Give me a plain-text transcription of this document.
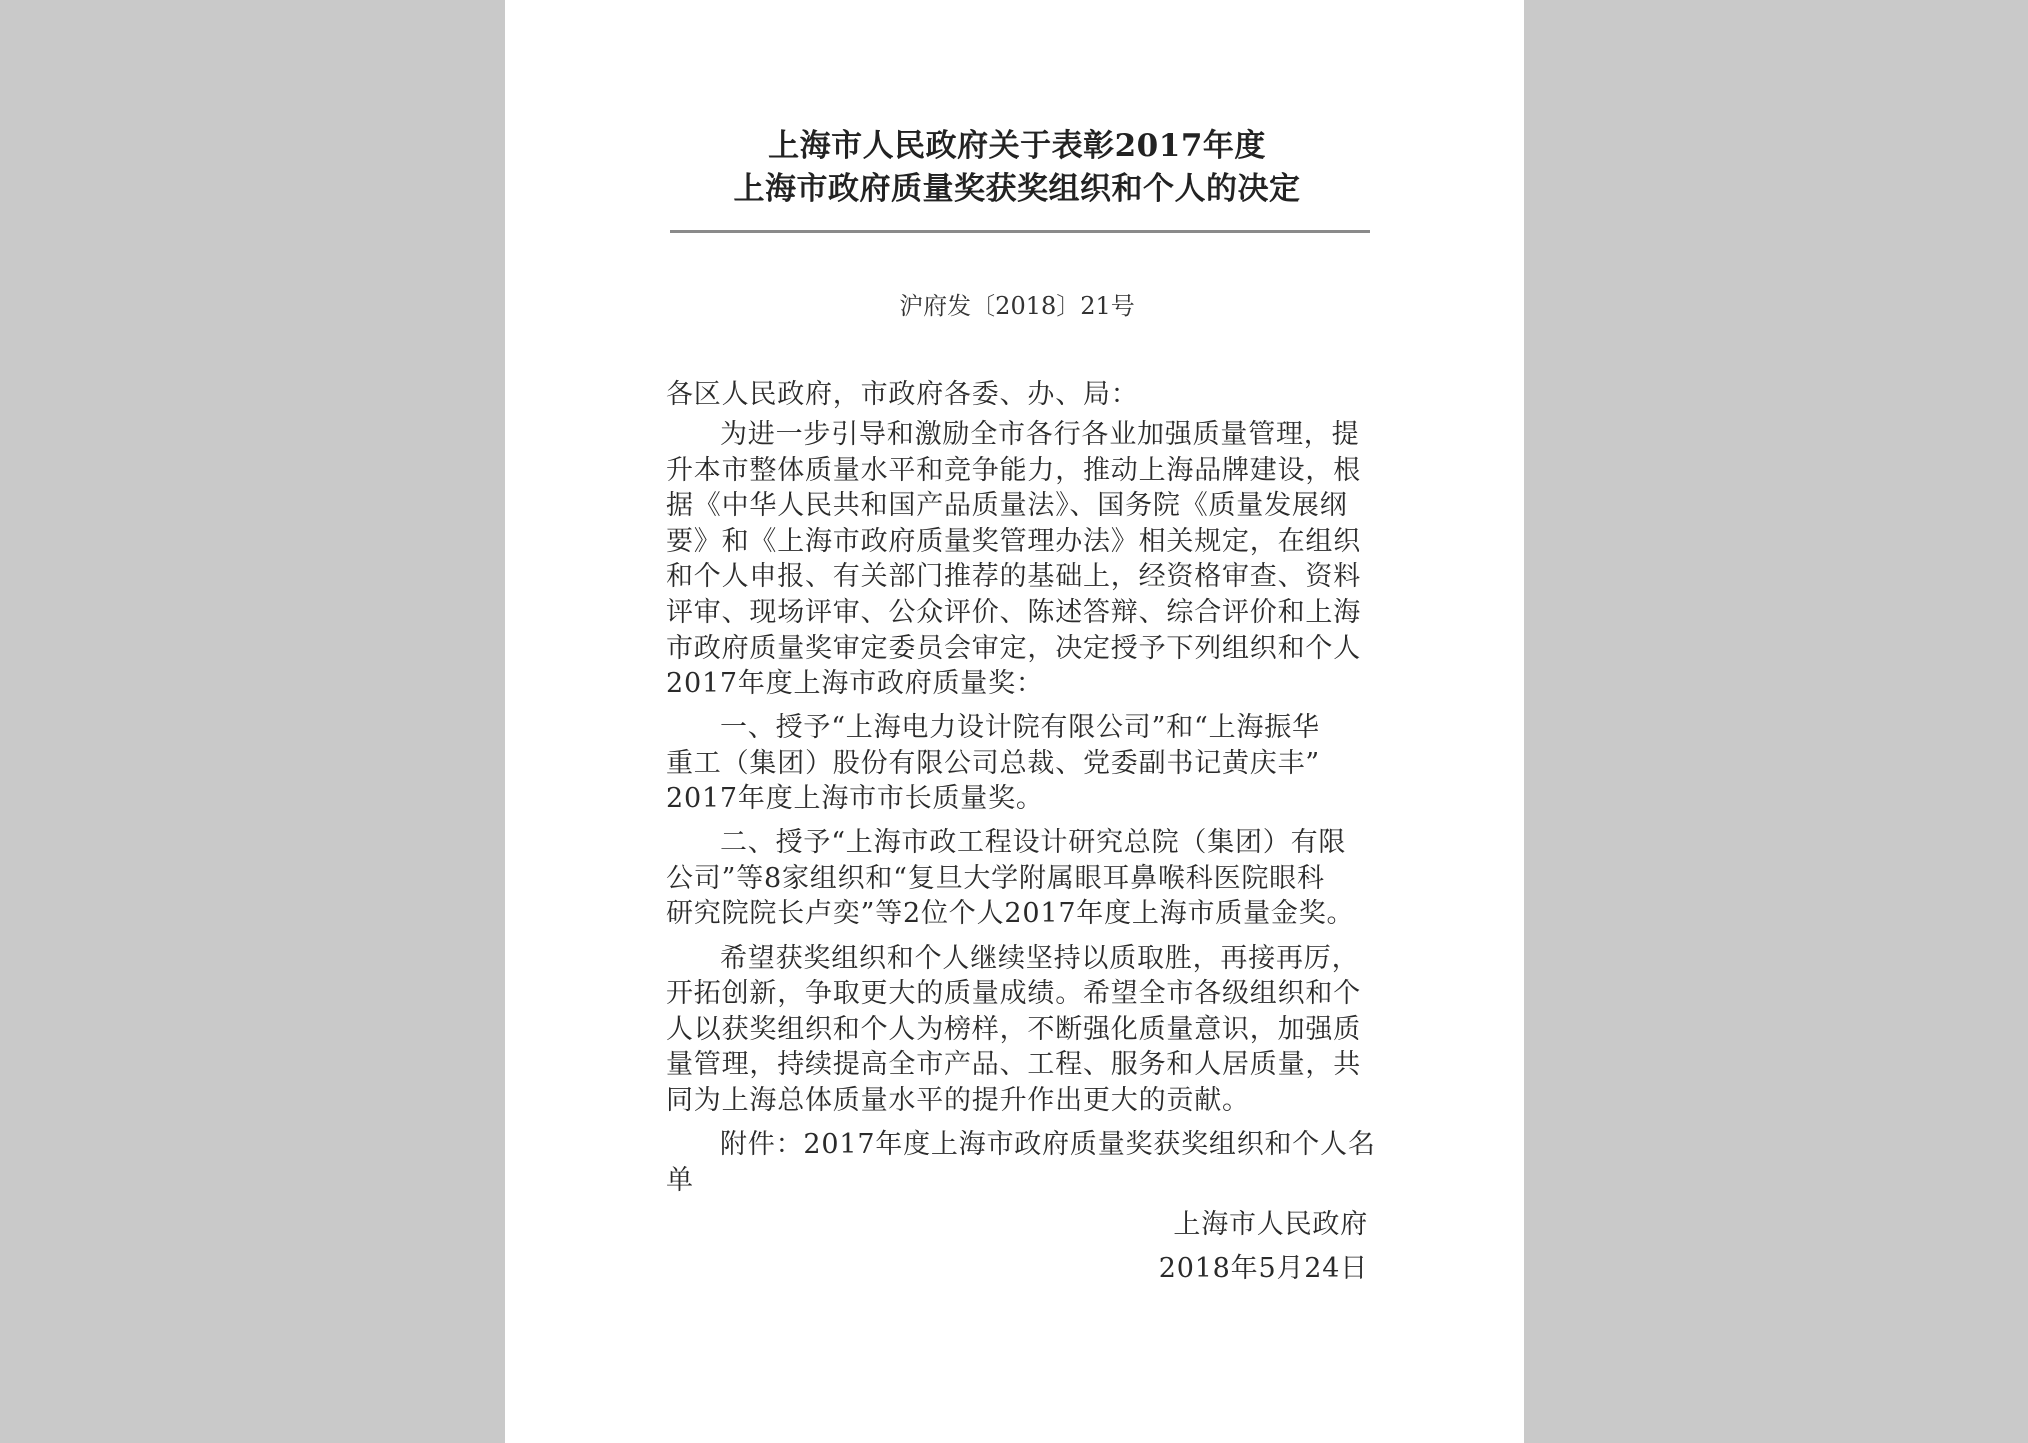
上海市人民政府关于表彰2017年度
上海市政府质量奖获奖组织和个人的决定
沪府发〔2018〕21号
各区人民政府，市政府各委、办、局：
为进一步引导和激励全市各行各业加强质量管理，提
升本市整体质量水平和竞争能力，推动上海品牌建设，根
据《中华人民共和国产品质量法》、国务院《质量发展纲
要》和《上海市政府质量奖管理办法》相关规定，在组织
和个人申报、有关部门推荐的基础上，经资格审查、资料
评审、现场评审、公众评价、陈述答辩、综合评价和上海
市政府质量奖审定委员会审定，决定授予下列组织和个人
2017年度上海市政府质量奖：
一、授予“上海电力设计院有限公司”和“上海振华
重工（集团）股份有限公司总裁、党委副书记黄庆丰”
2017年度上海市市长质量奖。
二、授予“上海市政工程设计研究总院（集团）有限
公司”等8家组织和“复旦大学附属眼耳鼻喉科医院眼科
研究院院长卢奕”等2位个人2017年度上海市质量金奖。
希望获奖组织和个人继续坚持以质取胜，再接再厉，
开拓创新，争取更大的质量成绩。希望全市各级组织和个
人以获奖组织和个人为榜样，不断强化质量意识，加强质
量管理，持续提高全市产品、工程、服务和人居质量，共
同为上海总体质量水平的提升作出更大的贡献。
附件：2017年度上海市政府质量奖获奖组织和个人名
单
上海市人民政府
2018年5月24日
